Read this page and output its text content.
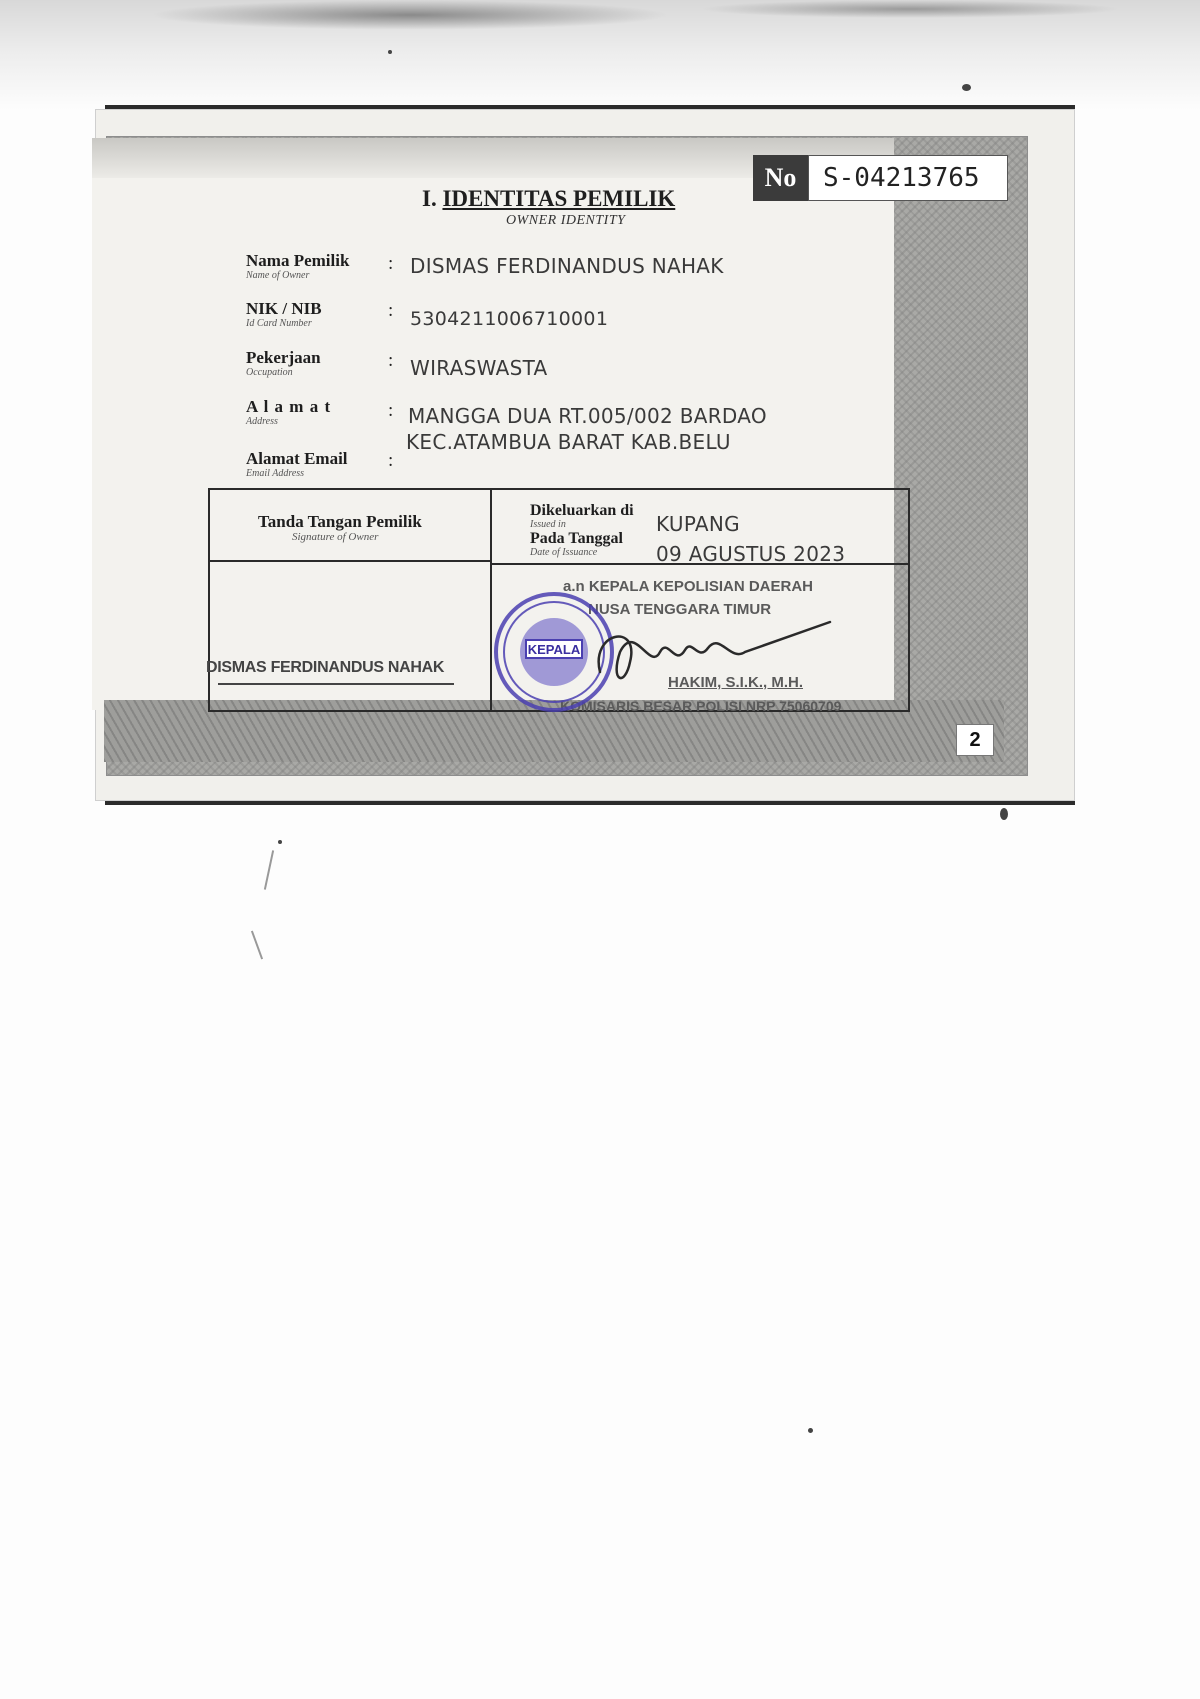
No	S-04213765
I. IDENTITAS PEMILIK
OWNER IDENTITY
Nama Pemilik
Name of Owner
: DISMAS FERDINANDUS NAHAK
NIK / NIB
Id Card Number
: 5304211006710001
Pekerjaan
Occupation
: WIRASWASTA
A l a m a t
Address
: MANGGA DUA RT.005/002 BARDAO
KEC.ATAMBUA BARAT KAB.BELU
Alamat Email
Email Address
:
Tanda Tangan Pemilik
Signature of Owner
Dikeluarkan di
Issued in	KUPANG
Pada Tanggal
Date of Issuance	09 AGUSTUS 2023
DISMAS FERDINANDUS NAHAK
a.n KEPALA KEPOLISIAN DAERAH
NUSA TENGGARA TIMUR
HAKIM, S.I.K., M.H.
KOMISARIS BESAR POLISI NRP 75060709
KEPALA
2
